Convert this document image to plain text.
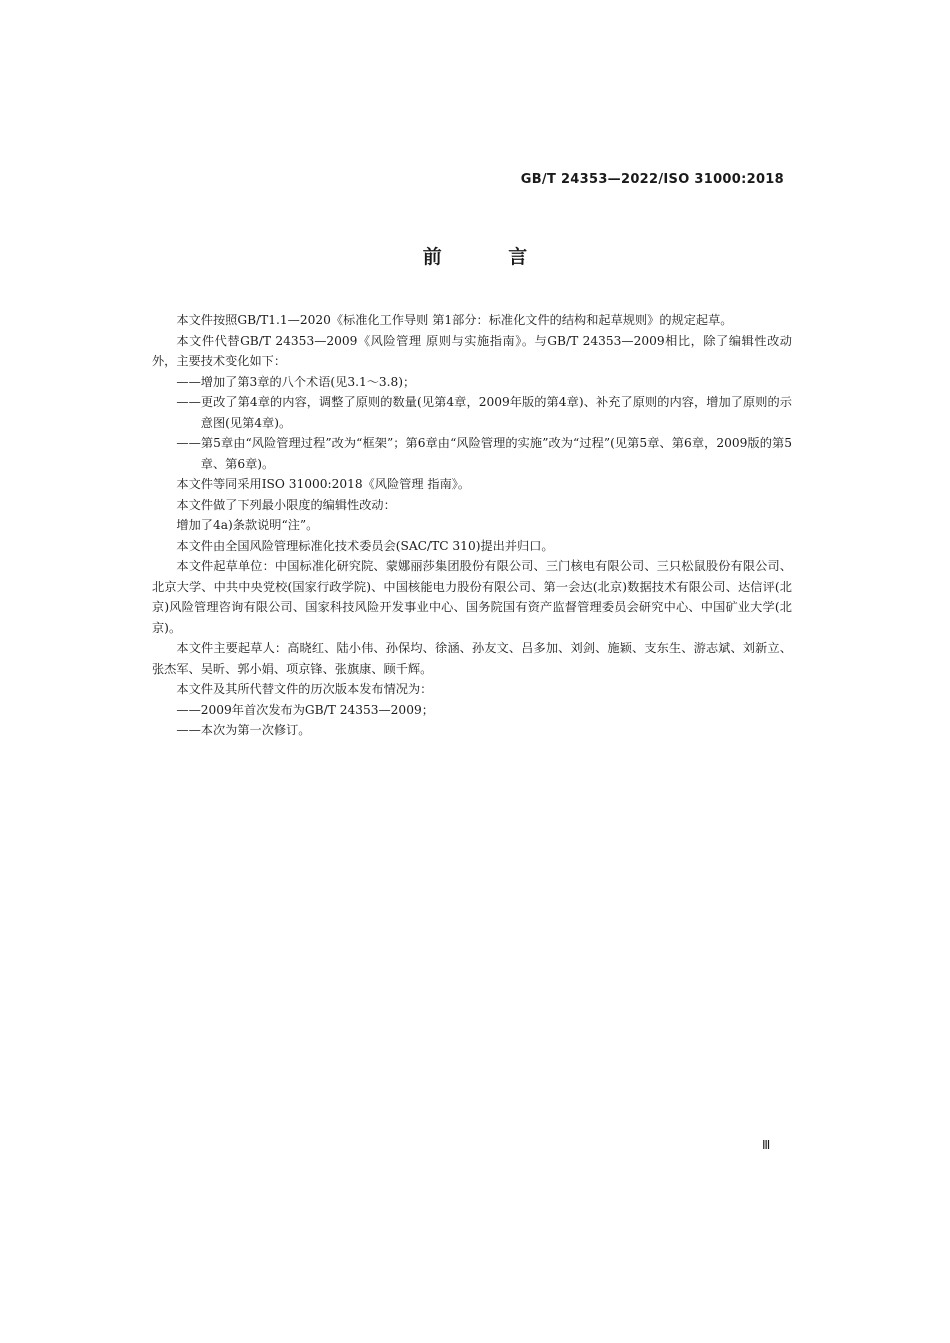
GB/T 24353—2022/ISO 31000:2018
前 言

本文件按照GB/T1.1—2020《标准化工作导则 第1部分：标准化文件的结构和起草规则》的规定起草。

本文件代替GB/T 24353—2009《风险管理 原则与实施指南》。与GB/T 24353—2009相比，除了编辑性改动外，主要技术变化如下：

——增加了第3章的八个术语(见3.1～3.8)；

——更改了第4章的内容，调整了原则的数量(见第4章，2009年版的第4章)、补充了原则的内容，增加了原则的示意图(见第4章)。

——第5章由“风险管理过程”改为“框架”；第6章由“风险管理的实施”改为“过程”(见第5章、第6章，2009版的第5章、第6章)。

本文件等同采用ISO 31000:2018《风险管理 指南》。

本文件做了下列最小限度的编辑性改动：

增加了4a)条款说明“注”。

本文件由全国风险管理标准化技术委员会(SAC/TC 310)提出并归口。

本文件起草单位：中国标准化研究院、蒙娜丽莎集团股份有限公司、三门核电有限公司、三只松鼠股份有限公司、北京大学、中共中央党校(国家行政学院)、中国核能电力股份有限公司、第一会达(北京)数据技术有限公司、达信评(北京)风险管理咨询有限公司、国家科技风险开发事业中心、国务院国有资产监督管理委员会研究中心、中国矿业大学(北京)。

本文件主要起草人：高晓红、陆小伟、孙保均、徐涵、孙友文、吕多加、刘剑、施颖、支东生、游志斌、刘新立、张杰军、吴昕、郭小娟、项京锋、张旗康、顾千辉。

本文件及其所代替文件的历次版本发布情况为：

——2009年首次发布为GB/T 24353—2009；

——本次为第一次修订。

Ⅲ
